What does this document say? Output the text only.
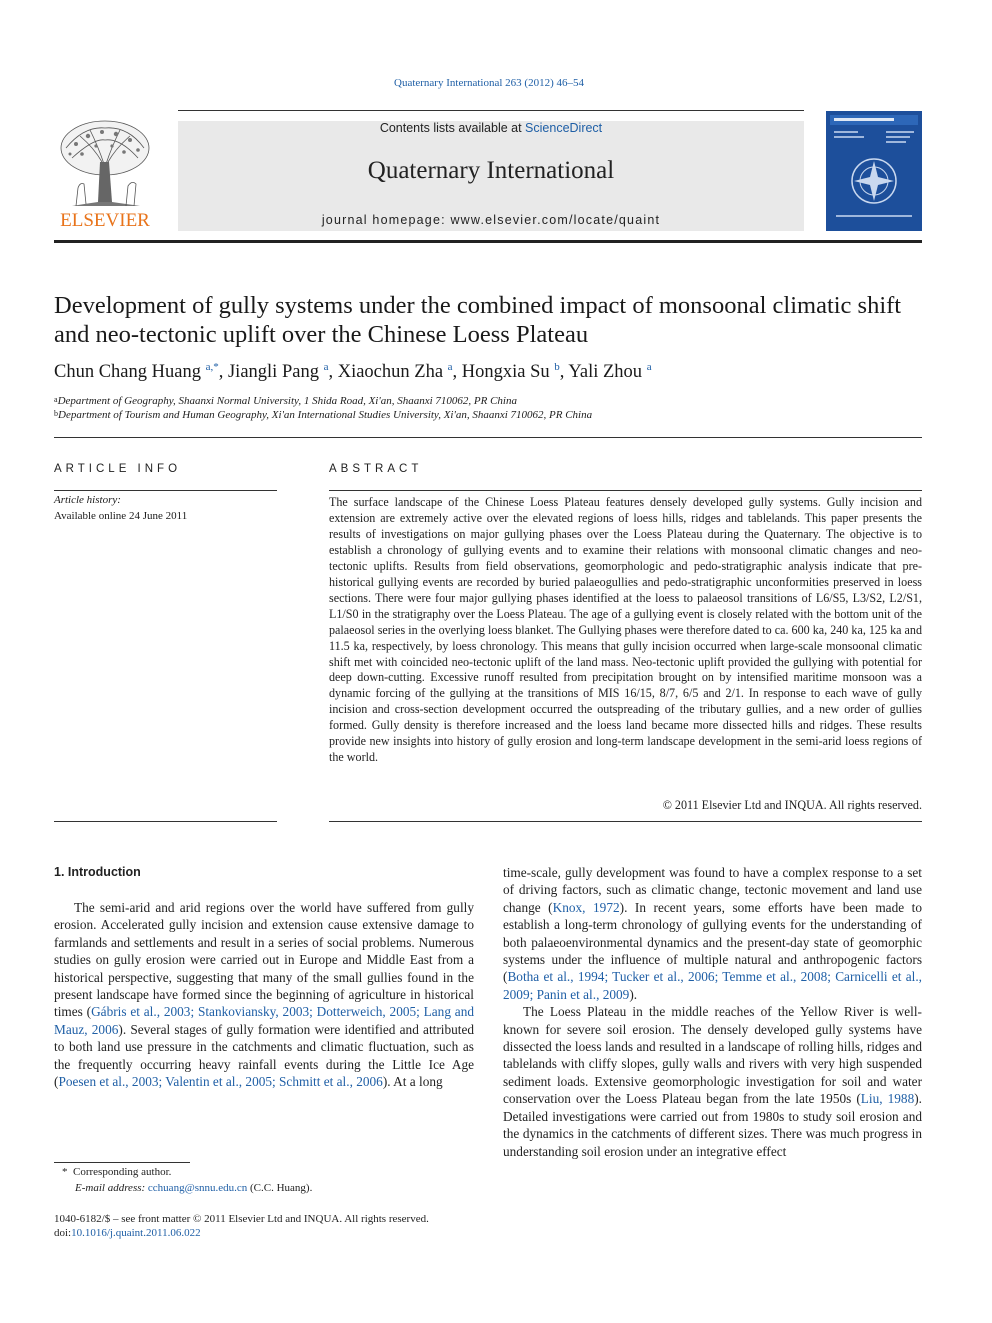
Quaternary International 263 (2012) 46–54
ELSEVIER
Contents lists available at ScienceDirect
Quaternary International
journal homepage: www.elsevier.com/locate/quaint
Development of gully systems under the combined impact of monsoonal climatic shift and neo-tectonic uplift over the Chinese Loess Plateau
Chun Chang Huang $^{a,*}$, Jiangli Pang $^a$, Xiaochun Zha $^a$, Hongxia Su $^b$, Yali Zhou $^a$
$^a$Department of Geography, Shaanxi Normal University, 1 Shida Road, Xi'an, Shaanxi 710062, PR China
$^b$Department of Tourism and Human Geography, Xi'an International Studies University, Xi'an, Shaanxi 710062, PR China
ARTICLE INFO
Article history:
Available online 24 June 2011
ABSTRACT
The surface landscape of the Chinese Loess Plateau features densely developed gully systems. Gully incision and extension are extremely active over the elevated regions of loess hills, ridges and tablelands. This paper presents the results of investigations on major gullying phases over the Loess Plateau during the Quaternary. The objective is to establish a chronology of gullying events and to examine their relations with monsoonal climatic changes and neo-tectonic uplifts. Results from field observations, geomorphologic and pedo-stratigraphic analysis indicate that pre-historical gullying events are recorded by buried palaeogullies and pedo-stratigraphic unconformities preserved in loess sections. There were four major gullying phases identified at the loess to palaeosol transitions of L6/S5, L3/S2, L2/S1, L1/S0 in the stratigraphy over the Loess Plateau. The age of a gullying event is closely related with the bottom unit of the palaeosol series in the overlying loess blanket. The Gullying phases were therefore dated to ca. 600 ka, 240 ka, 125 ka and 11.5 ka, respectively, by loess chronology. This means that gully incision occurred when large-scale monsoonal climatic shift met with coincided neo-tectonic uplift of the land mass. Neo-tectonic uplift provided the gullying with potential for deep down-cutting. Excessive runoff resulted from precipitation brought on by intensified maritime monsoon was a dynamic forcing of the gullying at the transitions of MIS 16/15, 8/7, 6/5 and 2/1. In response to each wave of gully incision and cross-section development occurred the outspreading of the tributary gullies, and a new order of gullies formed. Gully density is therefore increased and the loess land became more dissected hills and ridges. These results provide new insights into history of gully erosion and long-term landscape development in the semi-arid loess regions of the world.
© 2011 Elsevier Ltd and INQUA. All rights reserved.
1. Introduction

The semi-arid and arid regions over the world have suffered from gully erosion. Accelerated gully incision and extension cause extensive damage to farmlands and settlements and result in a series of social problems. Numerous studies on gully erosion were carried out in Europe and Middle East from a historical perspective, suggesting that many of the small gullies found in the present landscape have formed since the beginning of agriculture in historical times (Gábris et al., 2003; Stankoviansky, 2003; Dotterweich, 2005; Lang and Mauz, 2006). Several stages of gully formation were identified and attributed to both land use pressure in the catchments and climatic fluctuation, such as the frequently occurring heavy rainfall events during the Little Ice Age (Poesen et al., 2003; Valentin et al., 2005; Schmitt et al., 2006). At a long

time-scale, gully development was found to have a complex response to a set of driving factors, such as climatic change, tectonic movement and land use change (Knox, 1972). In recent years, some efforts have been made to establish a long-term chronology of gullying events for the understanding of both palaeoenvironmental dynamics and the present-day state of geomorphic systems under the influence of multiple natural and anthropogenic factors (Botha et al., 1994; Tucker et al., 2006; Temme et al., 2008; Carnicelli et al., 2009; Panin et al., 2009).

The Loess Plateau in the middle reaches of the Yellow River is well-known for severe soil erosion. The densely developed gully systems have dissected the loess lands and resulted in a landscape of rolling hills, ridges and tablelands with cliffy slopes, gully walls and rivers with very high suspended sediment loads. Extensive geomorphologic investigation for soil and water conservation over the Loess Plateau began from the late 1950s (Liu, 1988). Detailed investigations were carried out from 1980s to study soil erosion and the dynamics in the catchments of different sizes. There was much progress in understanding soil erosion under an integrative effect

* Corresponding author.
E-mail address: cchuang@snnu.edu.cn (C.C. Huang).
1040-6182/$ – see front matter © 2011 Elsevier Ltd and INQUA. All rights reserved.
doi:10.1016/j.quaint.2011.06.022
